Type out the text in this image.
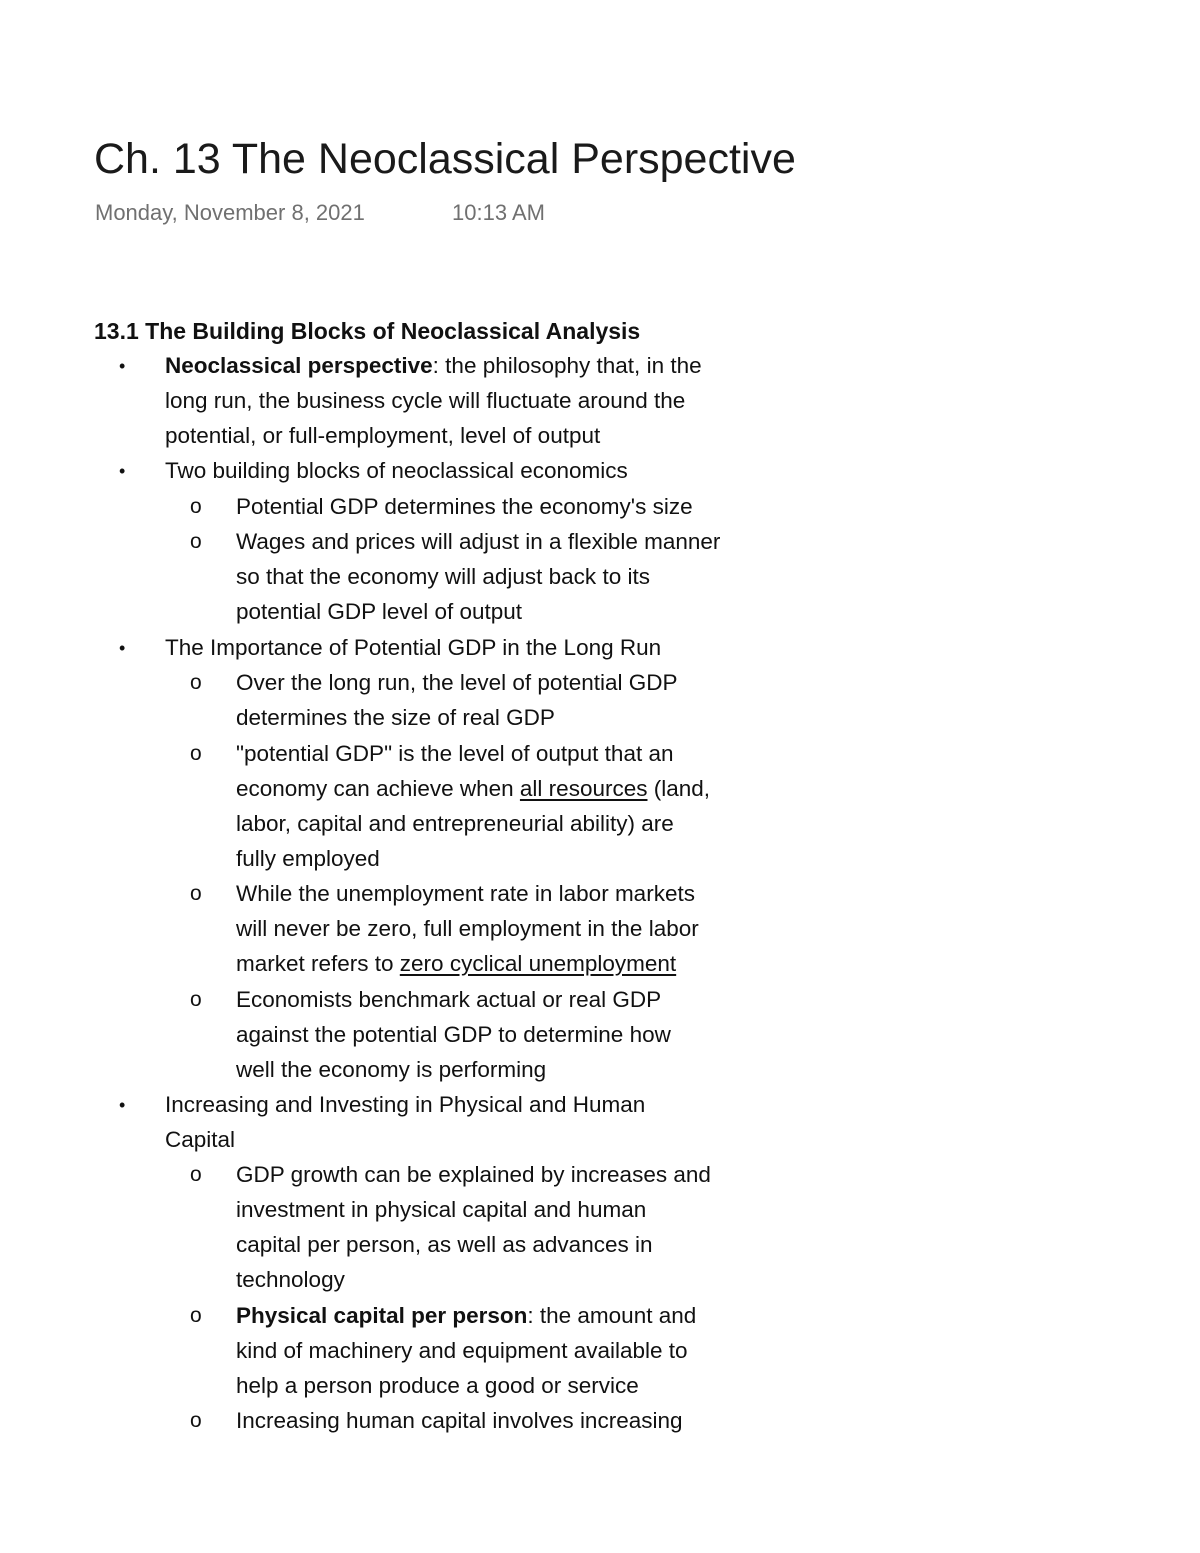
Ch. 13 The Neoclassical Perspective
Monday, November 8, 2021	10:13 AM
13.1 The Building Blocks of Neoclassical Analysis
• Neoclassical perspective: the philosophy that, in the
long run, the business cycle will fluctuate around the
potential, or full-employment, level of output
• Two building blocks of neoclassical economics
o Potential GDP determines the economy's size
o Wages and prices will adjust in a flexible manner
so that the economy will adjust back to its
potential GDP level of output
• The Importance of Potential GDP in the Long Run
o Over the long run, the level of potential GDP
determines the size of real GDP
o "potential GDP" is the level of output that an
economy can achieve when all resources (land,
labor, capital and entrepreneurial ability) are
fully employed
o While the unemployment rate in labor markets
will never be zero, full employment in the labor
market refers to zero cyclical unemployment
o Economists benchmark actual or real GDP
against the potential GDP to determine how
well the economy is performing
• Increasing and Investing in Physical and Human
Capital
o GDP growth can be explained by increases and
investment in physical capital and human
capital per person, as well as advances in
technology
o Physical capital per person: the amount and
kind of machinery and equipment available to
help a person produce a good or service
o Increasing human capital involves increasing
